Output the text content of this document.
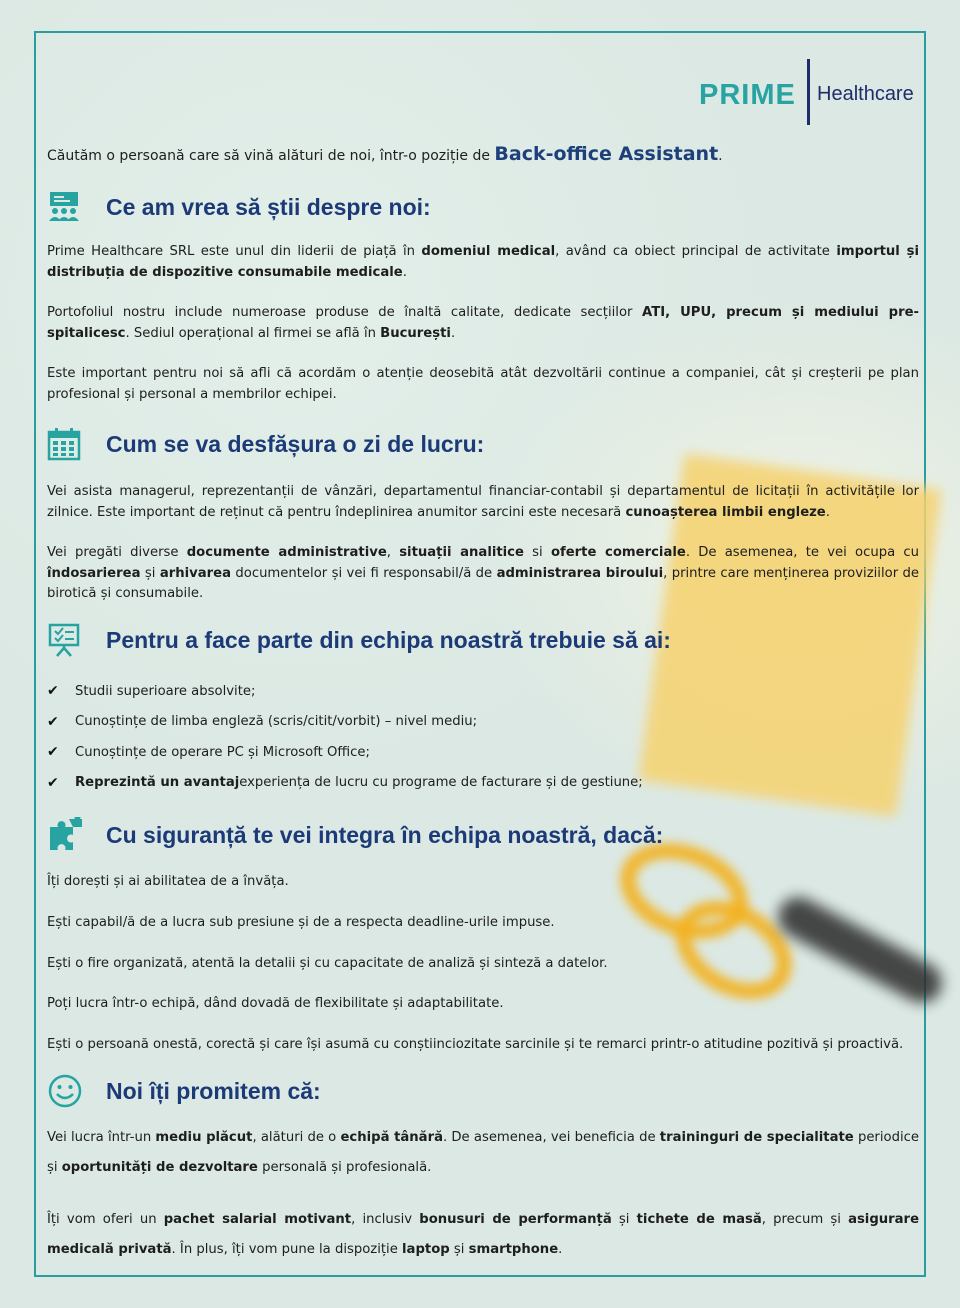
PRIME Healthcare
Căutăm o persoană care să vină alături de noi, într-o poziție de Back-office Assistant.
Ce am vrea să știi despre noi:
Prime Healthcare SRL este unul din liderii de piață în domeniul medical, având ca obiect principal de activitate importul și distribuția de dispozitive consumabile medicale.
Portofoliul nostru include numeroase produse de înaltă calitate, dedicate secțiilor ATI, UPU, precum și mediului pre-spitalicesc. Sediul operațional al firmei se află în București.
Este important pentru noi să afli că acordăm o atenție deosebită atât dezvoltării continue a companiei, cât și creșterii pe plan profesional și personal a membrilor echipei.
Cum se va desfășura o zi de lucru:
Vei asista managerul, reprezentanții de vânzări, departamentul financiar-contabil și departamentul de licitații în activitățile lor zilnice. Este important de reținut că pentru îndeplinirea anumitor sarcini este necesară cunoașterea limbii engleze.
Vei pregăti diverse documente administrative, situații analitice si oferte comerciale. De asemenea, te vei ocupa cu îndosarierea și arhivarea documentelor și vei fi responsabil/ă de administrarea biroului, printre care menținerea proviziilor de birotică și consumabile.
Pentru a face parte din echipa noastră trebuie să ai:
✔	Studii superioare absolvite;
✔	Cunoștințe de limba engleză (scris/citit/vorbit) – nivel mediu;
✔	Cunoștințe de operare PC și Microsoft Office;
✔	Reprezintă un avantaj experiența de lucru cu programe de facturare și de gestiune;
Cu siguranță te vei integra în echipa noastră, dacă:
Îți dorești și ai abilitatea de a învăța.
Ești capabil/ă de a lucra sub presiune și de a respecta deadline-urile impuse.
Ești o fire organizată, atentă la detalii și cu capacitate de analiză și sinteză a datelor.
Poți lucra într-o echipă, dând dovadă de flexibilitate și adaptabilitate.
Ești o persoană onestă, corectă și care își asumă cu conștiinciozitate sarcinile și te remarci printr-o atitudine pozitivă și proactivă.
Noi îți promitem că:
Vei lucra într-un mediu plăcut, alături de o echipă tânără. De asemenea, vei beneficia de traininguri de specialitate periodice și oportunități de dezvoltare personală și profesională.
Îți vom oferi un pachet salarial motivant, inclusiv bonusuri de performanță și tichete de masă, precum și asigurare medicală privată. În plus, îți vom pune la dispoziție laptop și smartphone.
